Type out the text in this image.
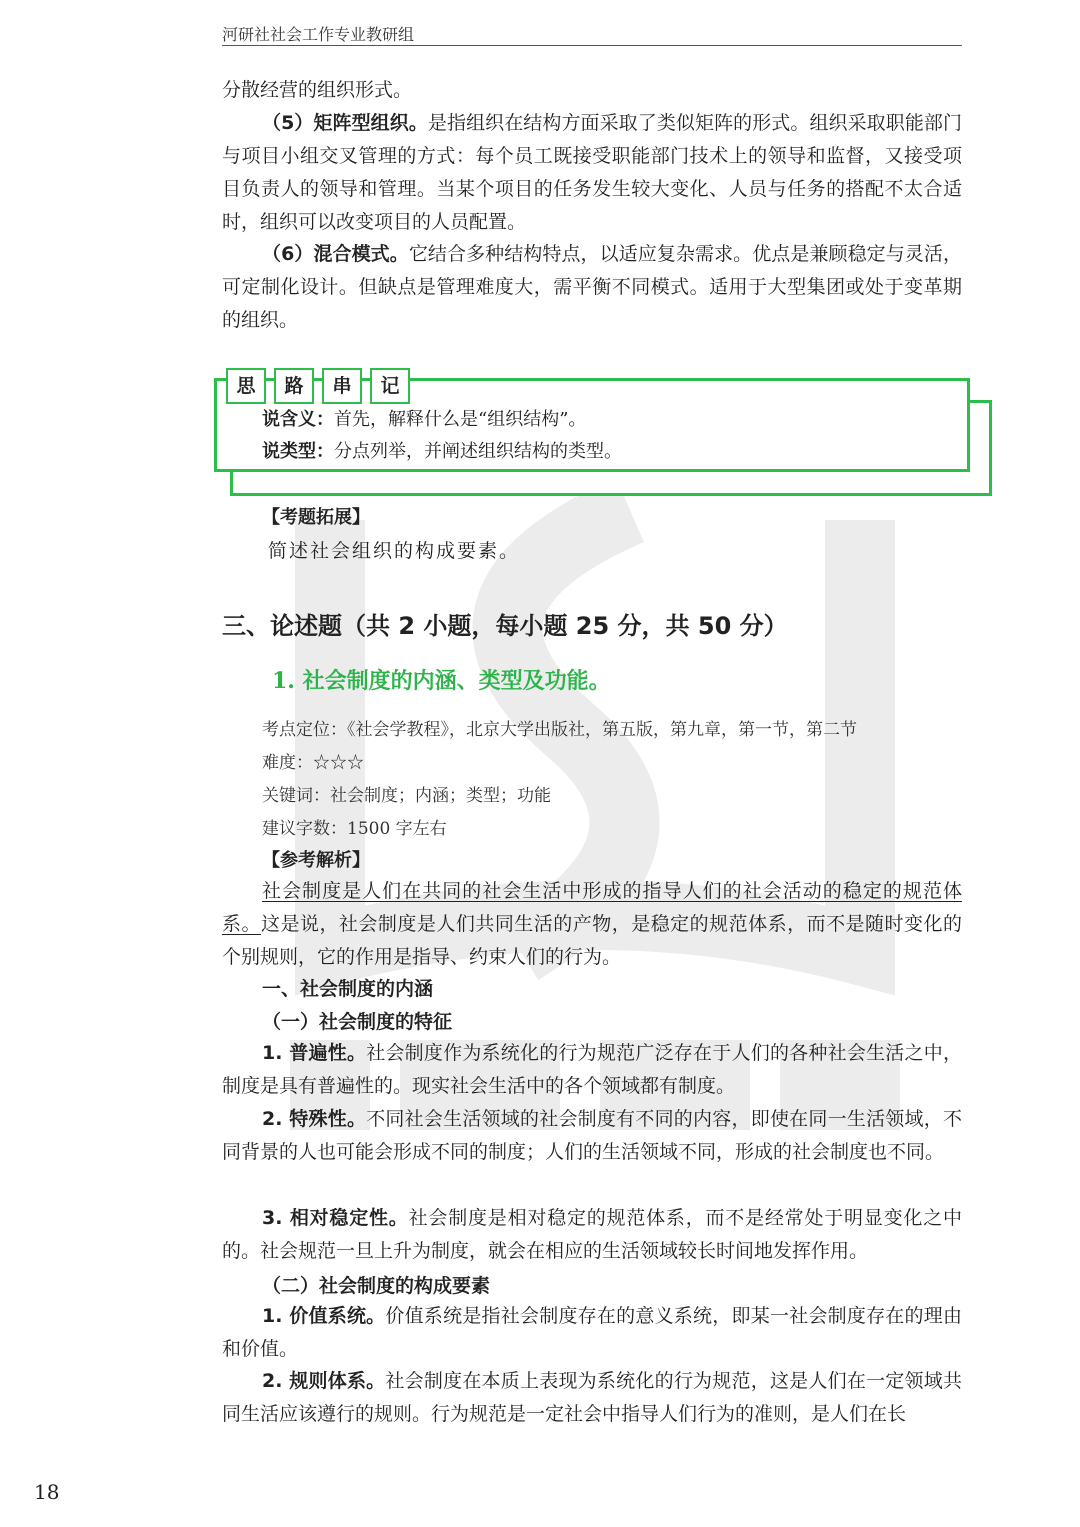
河研社社会工作专业教研组

分散经营的组织形式。

（5）矩阵型组织。是指组织在结构方面采取了类似矩阵的形式。组织采取职能部门与项目小组交叉管理的方式：每个员工既接受职能部门技术上的领导和监督，又接受项目负责人的领导和管理。当某个项目的任务发生较大变化、人员与任务的搭配不太合适时，组织可以改变项目的人员配置。

（6）混合模式。它结合多种结构特点，以适应复杂需求。优点是兼顾稳定与灵活，可定制化设计。但缺点是管理难度大，需平衡不同模式。适用于大型集团或处于变革期的组织。

思	路	串	记
说含义：首先，解释什么是“组织结构”。
说类型：分点列举，并阐述组织结构的类型。
【考题拓展】
简述社会组织的构成要素。
三、论述题（共 2 小题，每小题 25 分，共 50 分）
1. 社会制度的内涵、类型及功能。
考点定位：《社会学教程》，北京大学出版社，第五版，第九章，第一节，第二节
难度：☆☆☆
关键词：社会制度；内涵；类型；功能
建议字数：1500 字左右
【参考解析】

社会制度是人们在共同的社会生活中形成的指导人们的社会活动的稳定的规范体系。这是说，社会制度是人们共同生活的产物，是稳定的规范体系，而不是随时变化的个别规则，它的作用是指导、约束人们的行为。

一、社会制度的内涵
（一）社会制度的特征

1. 普遍性。社会制度作为系统化的行为规范广泛存在于人们的各种社会生活之中，制度是具有普遍性的。现实社会生活中的各个领域都有制度。

2. 特殊性。不同社会生活领域的社会制度有不同的内容，即使在同一生活领域，不同背景的人也可能会形成不同的制度；人们的生活领域不同，形成的社会制度也不同。

3. 相对稳定性。社会制度是相对稳定的规范体系，而不是经常处于明显变化之中的。社会规范一旦上升为制度，就会在相应的生活领域较长时间地发挥作用。

（二）社会制度的构成要素

1. 价值系统。价值系统是指社会制度存在的意义系统，即某一社会制度存在的理由和价值。

2. 规则体系。社会制度在本质上表现为系统化的行为规范，这是人们在一定领域共同生活应该遵行的规则。行为规范是一定社会中指导人们行为的准则，是人们在长

18
